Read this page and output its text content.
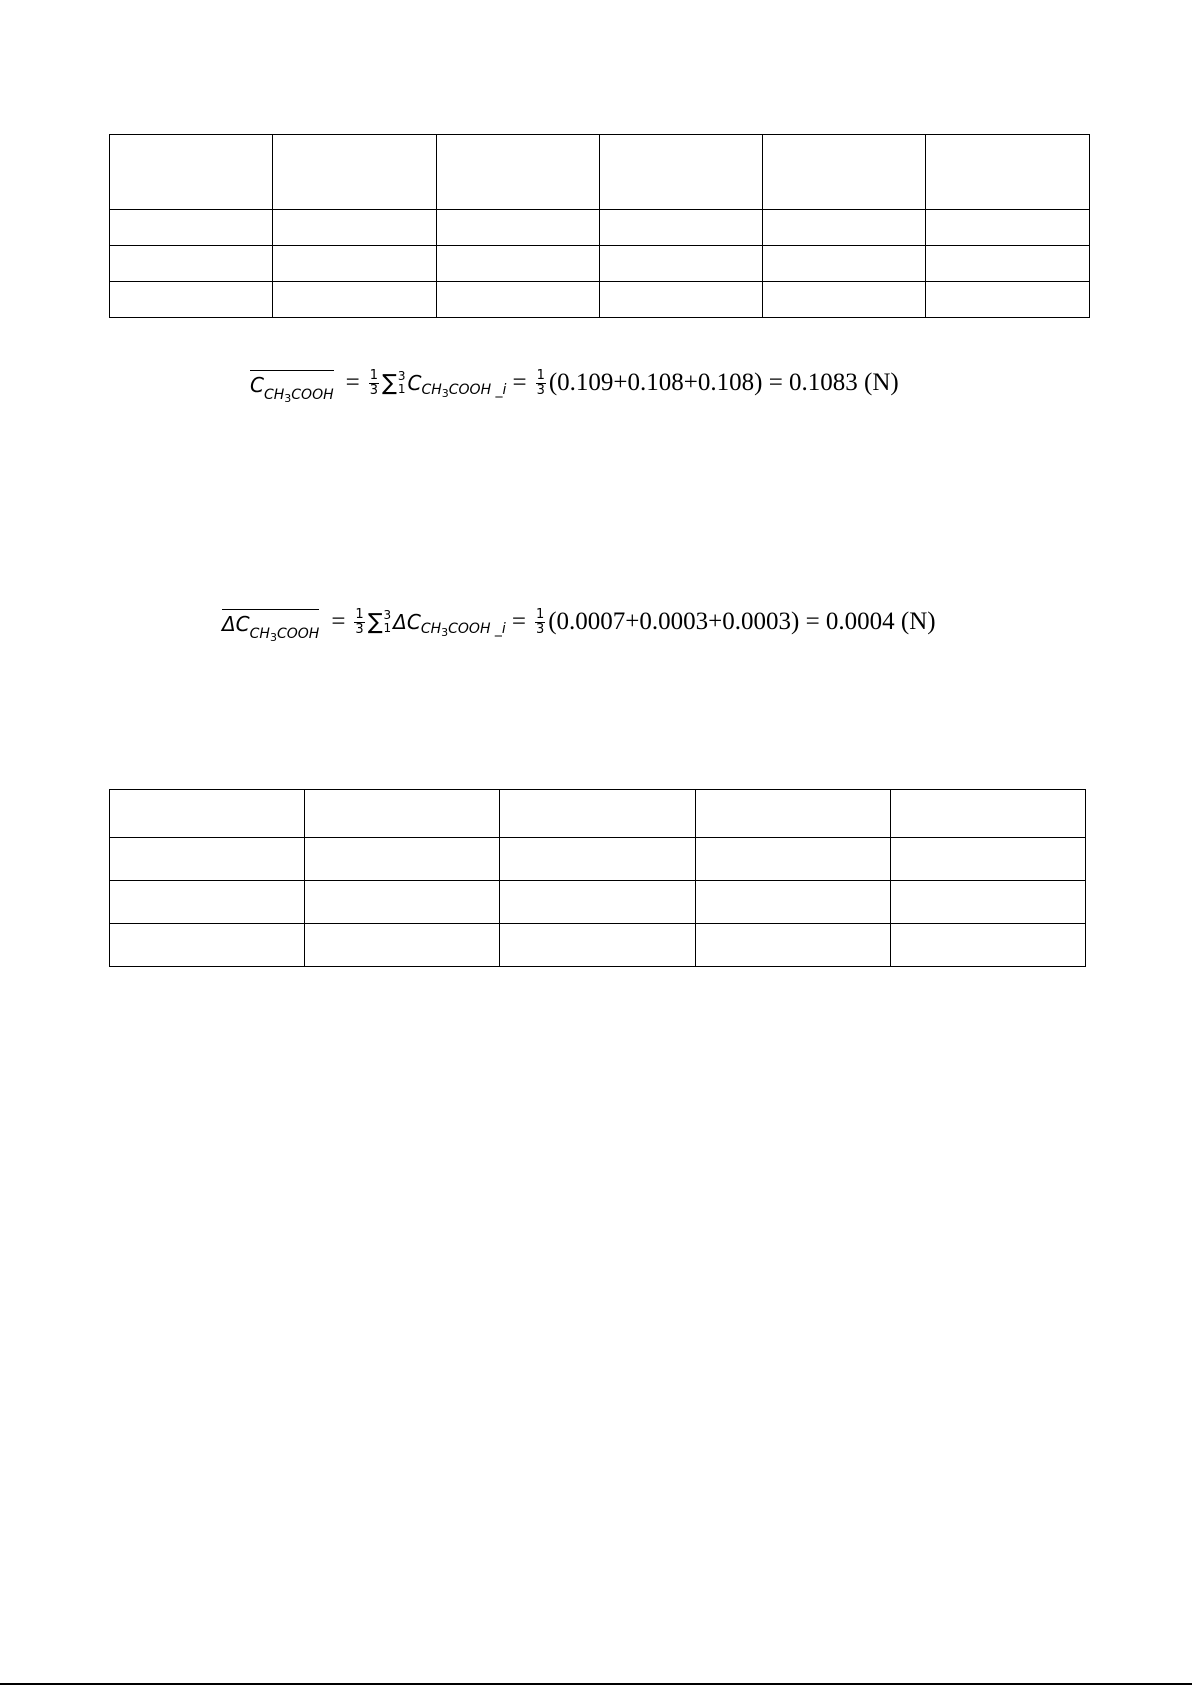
C $CH_3COOH = \frac{1}{3}$ ∑ 3
1 C $CH_3COOH$ _i = $\frac{1}{3} (0.109+0.108+0.108) = 0.1083$ (N)
ΔC $CH_3COOH = \frac{1}{3}$ ∑ 3
1 ΔC $CH_3COOH$ _i = $\frac{1}{3} (0.0007+0.0003+0.0003) = 0.0004$ (N)
